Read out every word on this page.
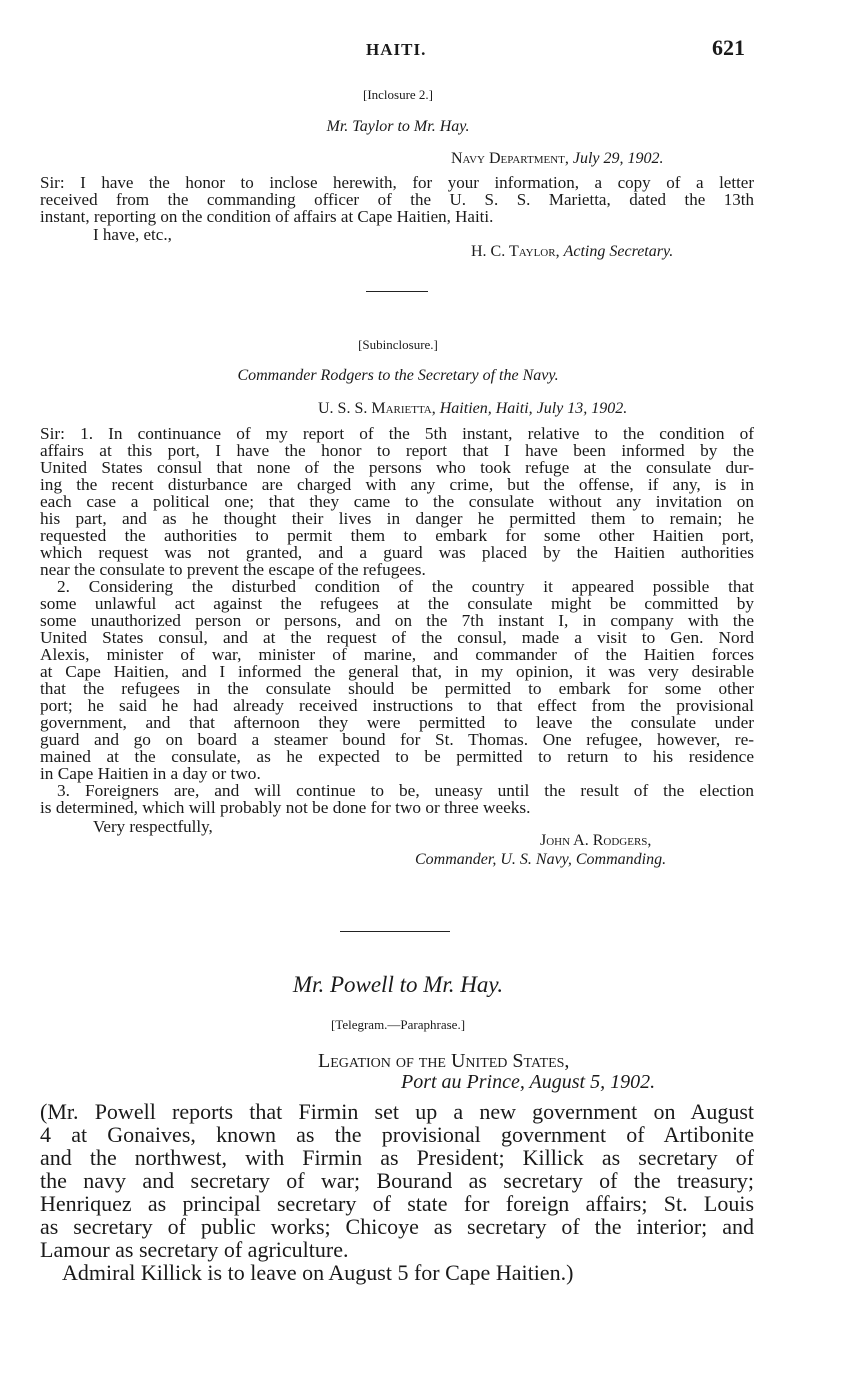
HAITI.	621
[Inclosure 2.]
Mr. Taylor to Mr. Hay.
Navy Department, July 29, 1902.
Sir: I have the honor to inclose herewith, for your information, a copy of a letter
received from the commanding officer of the U. S. S. Marietta, dated the 13th
instant, reporting on the condition of affairs at Cape Haitien, Haiti.
I have, etc.,
H. C. Taylor, Acting Secretary.
[Subinclosure.]
Commander Rodgers to the Secretary of the Navy.
U. S. S. Marietta, Haitien, Haiti, July 13, 1902.
Sir: 1. In continuance of my report of the 5th instant, relative to the condition of
affairs at this port, I have the honor to report that I have been informed by the
United States consul that none of the persons who took refuge at the consulate dur-
ing the recent disturbance are charged with any crime, but the offense, if any, is in
each case a political one; that they came to the consulate without any invitation on
his part, and as he thought their lives in danger he permitted them to remain; he
requested the authorities to permit them to embark for some other Haitien port,
which request was not granted, and a guard was placed by the Haitien authorities
near the consulate to prevent the escape of the refugees.
2. Considering the disturbed condition of the country it appeared possible that
some unlawful act against the refugees at the consulate might be committed by
some unauthorized person or persons, and on the 7th instant I, in company with the
United States consul, and at the request of the consul, made a visit to Gen. Nord
Alexis, minister of war, minister of marine, and commander of the Haitien forces
at Cape Haitien, and I informed the general that, in my opinion, it was very desirable
that the refugees in the consulate should be permitted to embark for some other
port; he said he had already received instructions to that effect from the provisional
government, and that afternoon they were permitted to leave the consulate under
guard and go on board a steamer bound for St. Thomas. One refugee, however, re-
mained at the consulate, as he expected to be permitted to return to his residence
in Cape Haitien in a day or two.
3. Foreigners are, and will continue to be, uneasy until the result of the election
is determined, which will probably not be done for two or three weeks.
Very respectfully,
John A. Rodgers,
Commander, U. S. Navy, Commanding.
Mr. Powell to Mr. Hay.
[Telegram.—Paraphrase.]
Legation of the United States,
Port au Prince, August 5, 1902.
(Mr. Powell reports that Firmin set up a new government on August
4 at Gonaives, known as the provisional government of Artibonite
and the northwest, with Firmin as President; Killick as secretary of
the navy and secretary of war; Bourand as secretary of the treasury;
Henriquez as principal secretary of state for foreign affairs; St. Louis
as secretary of public works; Chicoye as secretary of the interior; and
Lamour as secretary of agriculture.
Admiral Killick is to leave on August 5 for Cape Haitien.)
